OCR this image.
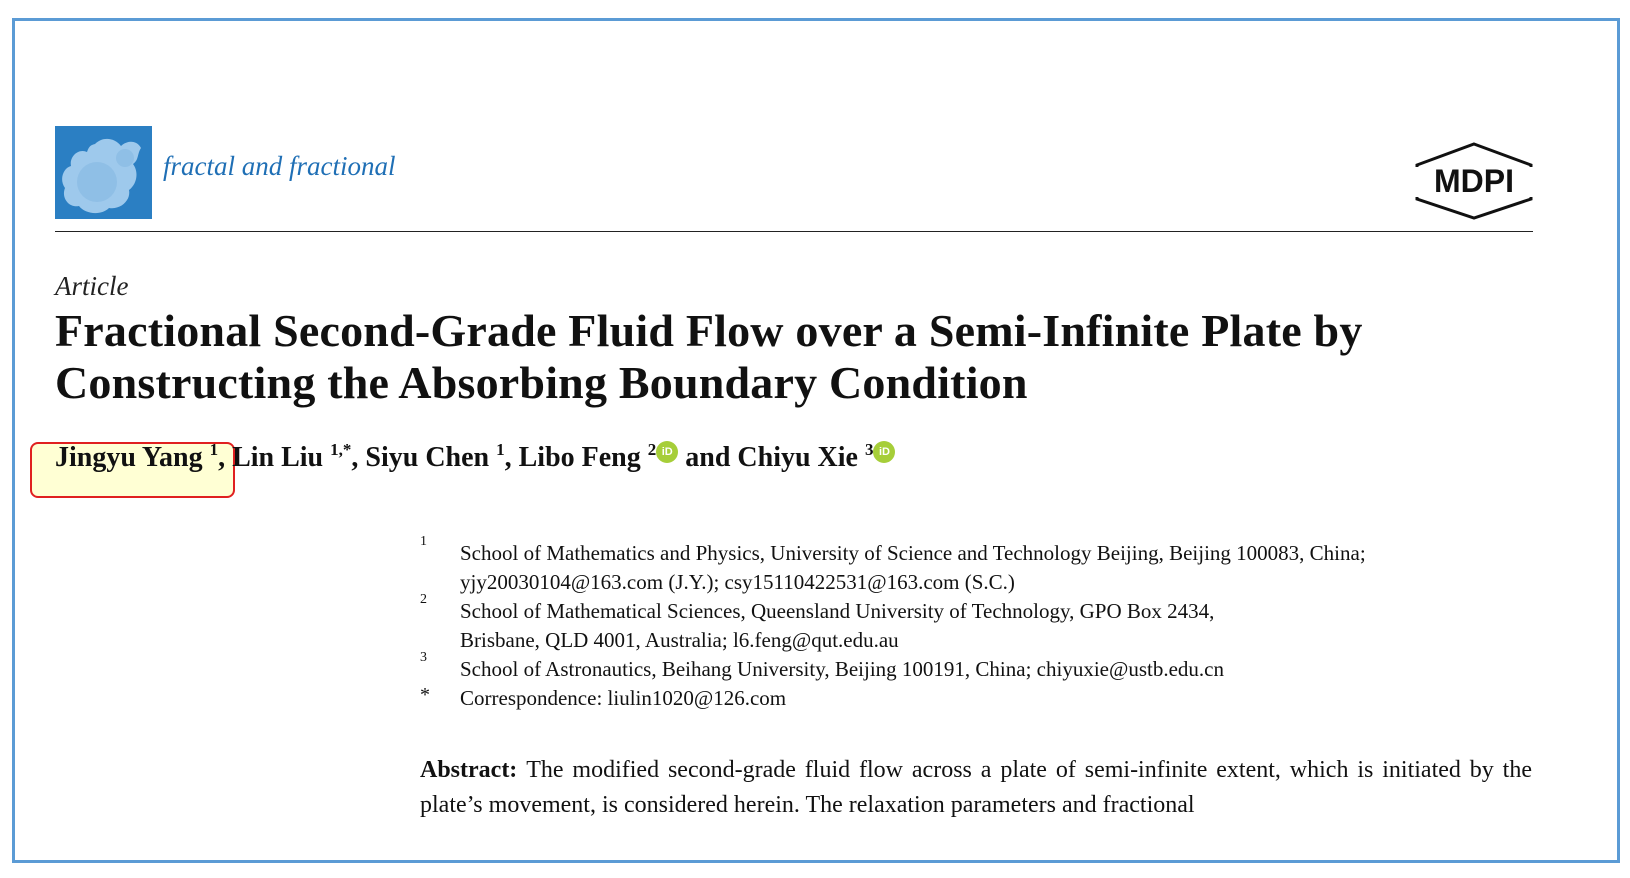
fractal and fractional	MDPI
Article
Fractional Second-Grade Fluid Flow over a Semi-Infinite Plate by
Constructing the Absorbing Boundary Condition
Jingyu Yang $^1$, Lin Liu $^{1,*}$, Siyu Chen $^1$, Libo Feng $^2$ iD and Chiyu Xie $^3$ iD
1 School of Mathematics and Physics, University of Science and Technology Beijing, Beijing 100083, China;
yjy20030104@163.com (J.Y.); csy15110422531@163.com (S.C.)
2 School of Mathematical Sciences, Queensland University of Technology, GPO Box 2434,
Brisbane, QLD 4001, Australia; l6.feng@qut.edu.au
3 School of Astronautics, Beihang University, Beijing 100191, China; chiyuxie@ustb.edu.cn
* Correspondence: liulin1020@126.com
Abstract: The modified second-grade fluid flow across a plate of semi-infinite extent, which is initiated by the plate’s movement, is considered herein. The relaxation parameters and fractional
